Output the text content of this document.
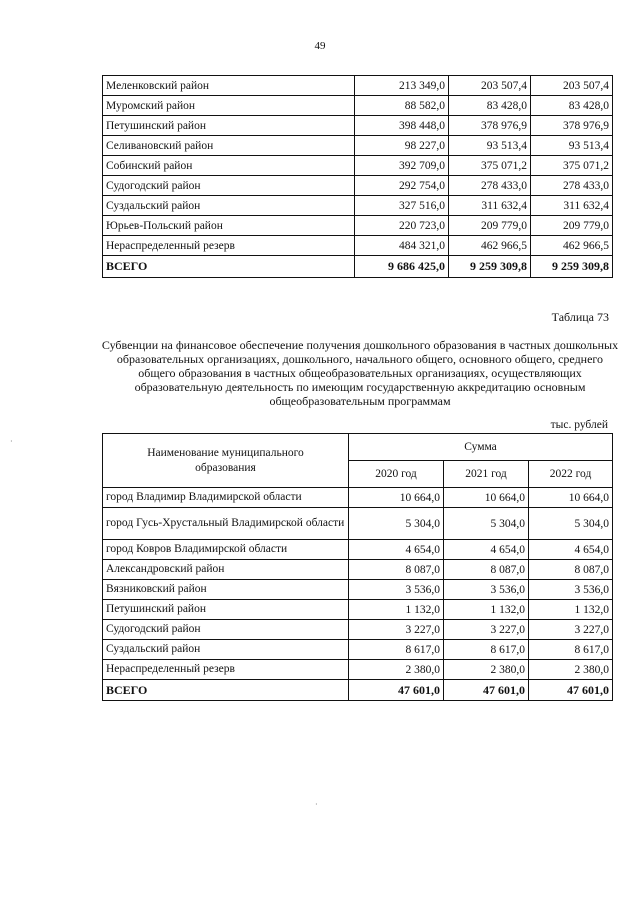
49
Меленковский район	213 349,0	203 507,4	203 507,4
Муромский район	88 582,0	83 428,0	83 428,0
Петушинский район	398 448,0	378 976,9	378 976,9
Селивановский район	98 227,0	93 513,4	93 513,4
Собинский район	392 709,0	375 071,2	375 071,2
Судогодский район	292 754,0	278 433,0	278 433,0
Суздальский район	327 516,0	311 632,4	311 632,4
Юрьев-Польский район	220 723,0	209 779,0	209 779,0
Нераспределенный резерв	484 321,0	462 966,5	462 966,5
ВСЕГО	9 686 425,0	9 259 309,8	9 259 309,8
Таблица 73
Субвенции на финансовое обеспечение получения дошкольного образования в частных дошкольных образовательных организациях, дошкольного, начального общего, основного общего, среднего общего образования в частных общеобразовательных организациях, осуществляющих образовательную деятельность по имеющим государственную аккредитацию основным общеобразовательным программам
тыс. рублей
Наименование муниципального образования	Сумма		
	2020 год	2021 год	2022 год
город Владимир Владимирской области	10 664,0	10 664,0	10 664,0
город Гусь-Хрустальный Владимирской области	5 304,0	5 304,0	5 304,0
город Ковров Владимирской области	4 654,0	4 654,0	4 654,0
Александровский район	8 087,0	8 087,0	8 087,0
Вязниковский район	3 536,0	3 536,0	3 536,0
Петушинский район	1 132,0	1 132,0	1 132,0
Судогодский район	3 227,0	3 227,0	3 227,0
Суздальский район	8 617,0	8 617,0	8 617,0
Нераспределенный резерв	2 380,0	2 380,0	2 380,0
ВСЕГО	47 601,0	47 601,0	47 601,0
·
·
